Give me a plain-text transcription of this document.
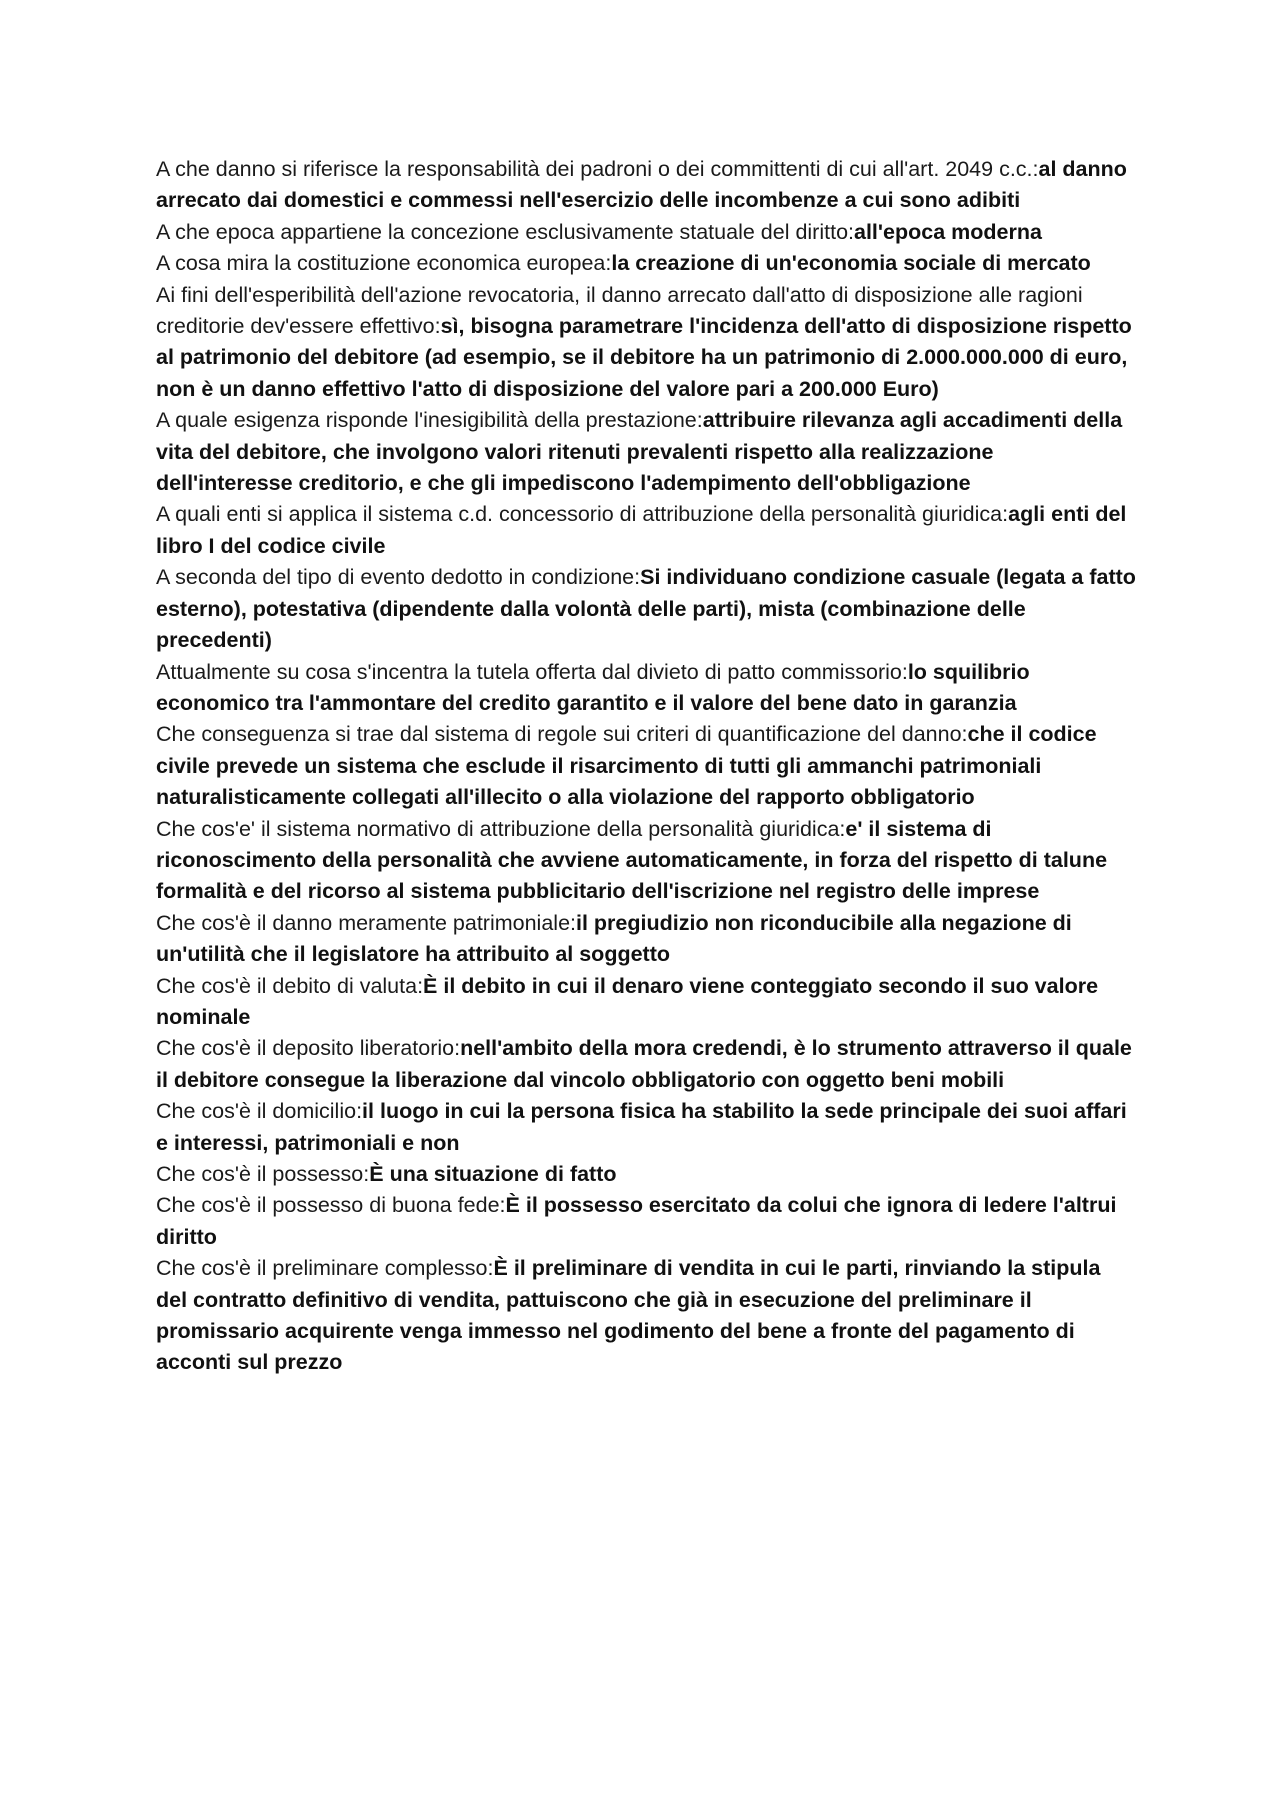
A che danno si riferisce la responsabilità dei padroni o dei committenti di cui all'art. 2049 c.c.:al danno arrecato dai domestici e commessi nell'esercizio delle incombenze a cui sono adibiti

A che epoca appartiene la concezione esclusivamente statuale del diritto:all'epoca moderna

A cosa mira la costituzione economica europea:la creazione di un'economia sociale di mercato

Ai fini dell'esperibilità dell'azione revocatoria, il danno arrecato dall'atto di disposizione alle ragioni creditorie dev'essere effettivo:sì, bisogna parametrare l'incidenza dell'atto di disposizione rispetto al patrimonio del debitore (ad esempio, se il debitore ha un patrimonio di 2.000.000.000 di euro, non è un danno effettivo l'atto di disposizione del valore pari a 200.000 Euro)

A quale esigenza risponde l'inesigibilità della prestazione:attribuire rilevanza agli accadimenti della vita del debitore, che involgono valori ritenuti prevalenti rispetto alla realizzazione dell'interesse creditorio, e che gli impediscono l'adempimento dell'obbligazione

A quali enti si applica il sistema c.d. concessorio di attribuzione della personalità giuridica:agli enti del libro I del codice civile

A seconda del tipo di evento dedotto in condizione:Si individuano condizione casuale (legata a fatto esterno), potestativa (dipendente dalla volontà delle parti), mista (combinazione delle precedenti)

Attualmente su cosa s'incentra la tutela offerta dal divieto di patto commissorio:lo squilibrio economico tra l'ammontare del credito garantito e il valore del bene dato in garanzia

Che conseguenza si trae dal sistema di regole sui criteri di quantificazione del danno:che il codice civile prevede un sistema che esclude il risarcimento di tutti gli ammanchi patrimoniali naturalisticamente collegati all'illecito o alla violazione del rapporto obbligatorio

Che cos'e' il sistema normativo di attribuzione della personalità giuridica:e' il sistema di riconoscimento della personalità che avviene automaticamente, in forza del rispetto di talune formalità e del ricorso al sistema pubblicitario dell'iscrizione nel registro delle imprese

Che cos'è il danno meramente patrimoniale:il pregiudizio non riconducibile alla negazione di un'utilità che il legislatore ha attribuito al soggetto

Che cos'è il debito di valuta:È il debito in cui il denaro viene conteggiato secondo il suo valore nominale

Che cos'è il deposito liberatorio:nell'ambito della mora credendi, è lo strumento attraverso il quale il debitore consegue la liberazione dal vincolo obbligatorio con oggetto beni mobili

Che cos'è il domicilio:il luogo in cui la persona fisica ha stabilito la sede principale dei suoi affari e interessi, patrimoniali e non

Che cos'è il possesso:È una situazione di fatto

Che cos'è il possesso di buona fede:È il possesso esercitato da colui che ignora di ledere l'altrui diritto

Che cos'è il preliminare complesso:È il preliminare di vendita in cui le parti, rinviando la stipula del contratto definitivo di vendita, pattuiscono che già in esecuzione del preliminare il promissario acquirente venga immesso nel godimento del bene a fronte del pagamento di acconti sul prezzo
